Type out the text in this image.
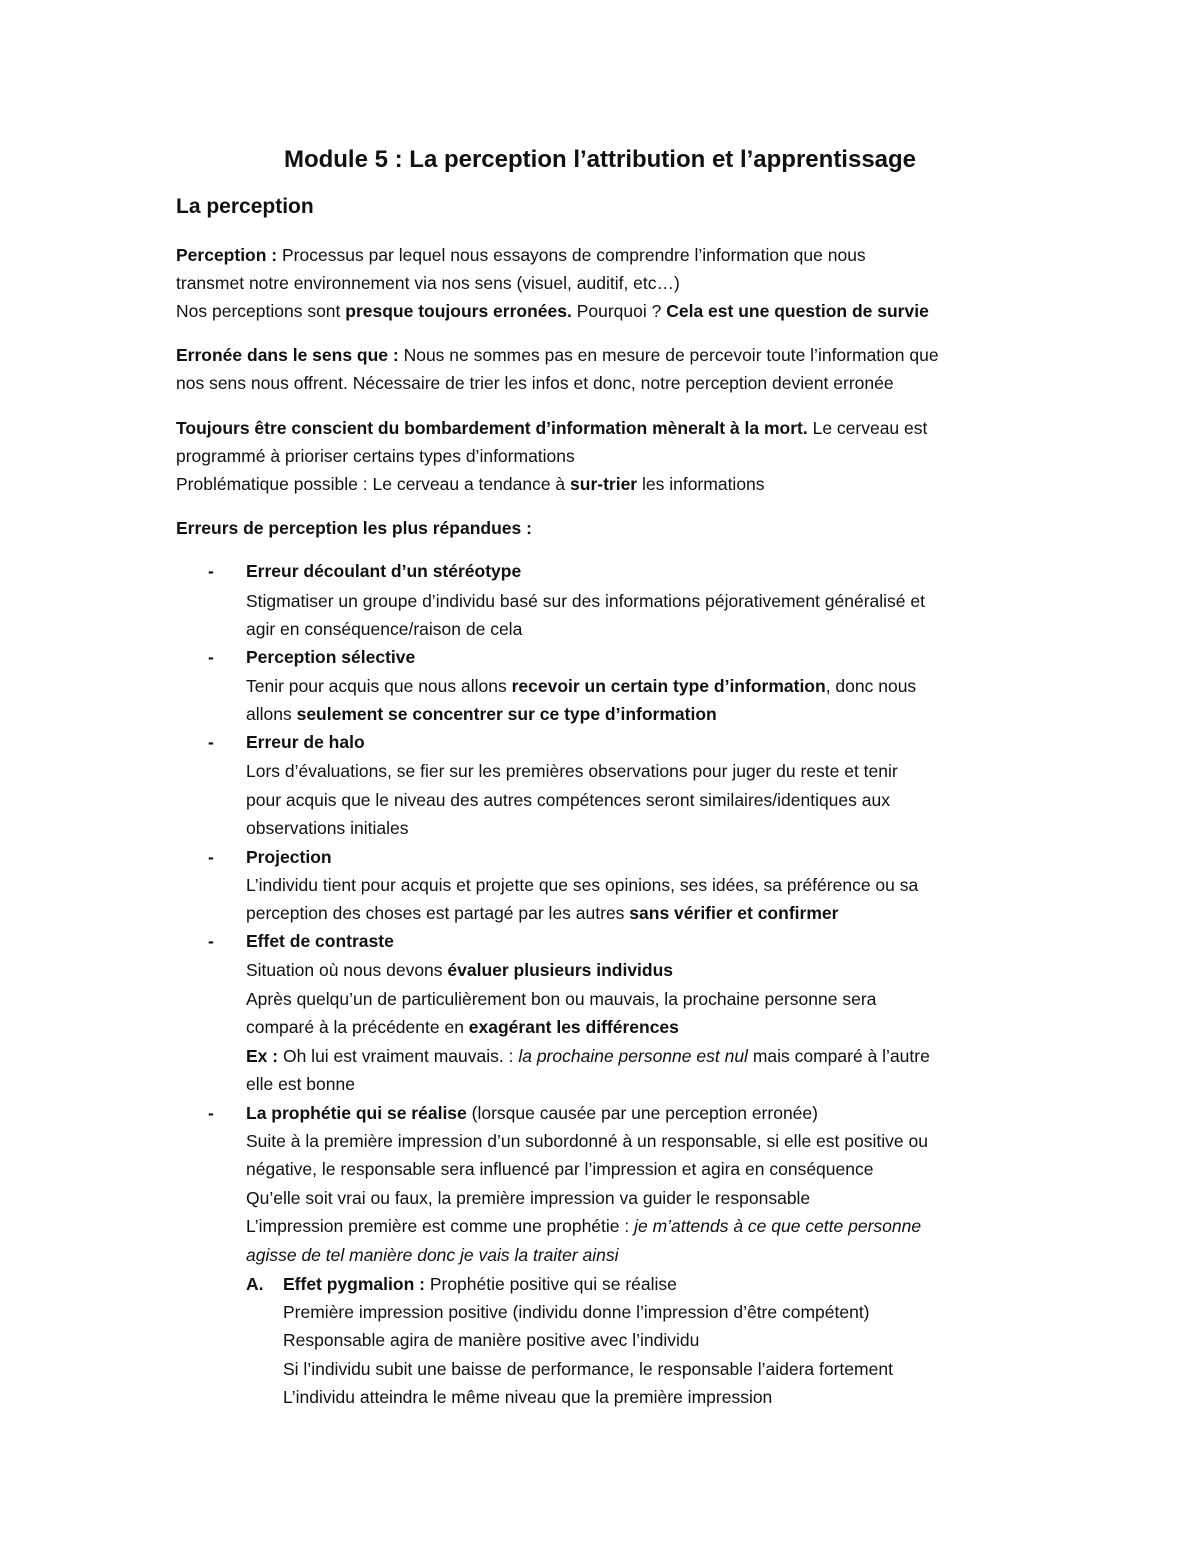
Module 5 : La perception l’attribution et l’apprentissage
La perception
Perception : Processus par lequel nous essayons de comprendre l’information que nous
transmet notre environnement via nos sens (visuel, auditif, etc…)
Nos perceptions sont presque toujours erronées. Pourquoi ? Cela est une question de survie
Erronée dans le sens que : Nous ne sommes pas en mesure de percevoir toute l’information que
nos sens nous offrent. Nécessaire de trier les infos et donc, notre perception devient erronée
Toujours être conscient du bombardement d’information mèneralt à la mort. Le cerveau est
programmé à prioriser certains types d’informations
Problématique possible : Le cerveau a tendance à sur-trier les informations
Erreurs de perception les plus répandues :
- Erreur découlant d’un stéréotype
Stigmatiser un groupe d’individu basé sur des informations péjorativement généralisé et
agir en conséquence/raison de cela
- Perception sélective
Tenir pour acquis que nous allons recevoir un certain type d’information, donc nous
allons seulement se concentrer sur ce type d’information
- Erreur de halo
Lors d’évaluations, se fier sur les premières observations pour juger du reste et tenir
pour acquis que le niveau des autres compétences seront similaires/identiques aux
observations initiales
- Projection
L’individu tient pour acquis et projette que ses opinions, ses idées, sa préférence ou sa
perception des choses est partagé par les autres sans vérifier et confirmer
- Effet de contraste
Situation où nous devons évaluer plusieurs individus
Après quelqu’un de particulièrement bon ou mauvais, la prochaine personne sera
comparé à la précédente en exagérant les différences
Ex : Oh lui est vraiment mauvais. : la prochaine personne est nul mais comparé à l’autre
elle est bonne
- La prophétie qui se réalise (lorsque causée par une perception erronée)
Suite à la première impression d’un subordonné à un responsable, si elle est positive ou
négative, le responsable sera influencé par l’impression et agira en conséquence
Qu’elle soit vrai ou faux, la première impression va guider le responsable
L’impression première est comme une prophétie : je m’attends à ce que cette personne
agisse de tel manière donc je vais la traiter ainsi
A. Effet pygmalion : Prophétie positive qui se réalise
Première impression positive (individu donne l’impression d’être compétent)
Responsable agira de manière positive avec l’individu
Si l’individu subit une baisse de performance, le responsable l’aidera fortement
L’individu atteindra le même niveau que la première impression
